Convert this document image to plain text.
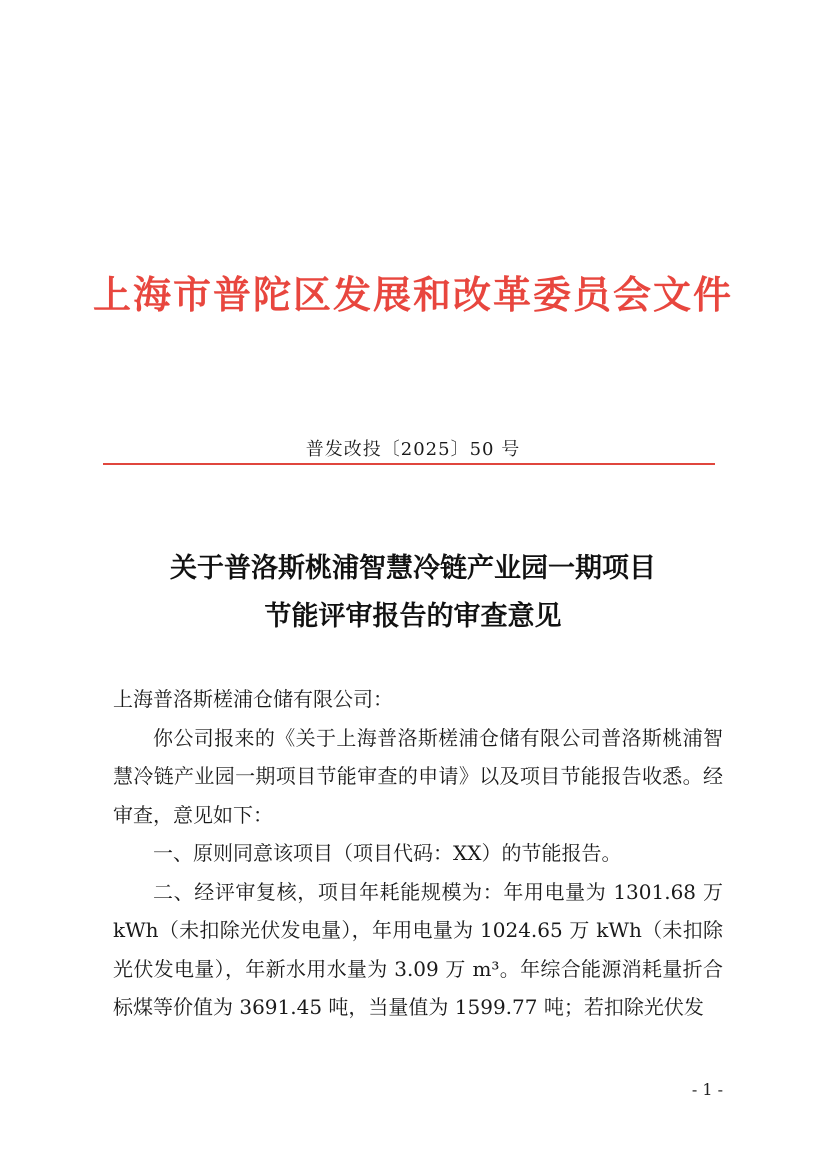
上海市普陀区发展和改革委员会文件
普发改投〔2025〕50 号
关于普洛斯桃浦智慧冷链产业园一期项目
节能评审报告的审查意见

上海普洛斯槎浦仓储有限公司：

你公司报来的《关于上海普洛斯槎浦仓储有限公司普洛斯桃浦智慧冷链产业园一期项目节能审查的申请》以及项目节能报告收悉。经审查，意见如下：

一、原则同意该项目（项目代码：XX）的节能报告。

二、经评审复核，项目年耗能规模为：年用电量为 1301.68 万 kWh（未扣除光伏发电量），年用电量为 1024.65 万 kWh（未扣除光伏发电量），年新水用水量为 3.09 万 m³。年综合能源消耗量折合标煤等价值为 3691.45 吨，当量值为 1599.77 吨；若扣除光伏发

- 1 -
